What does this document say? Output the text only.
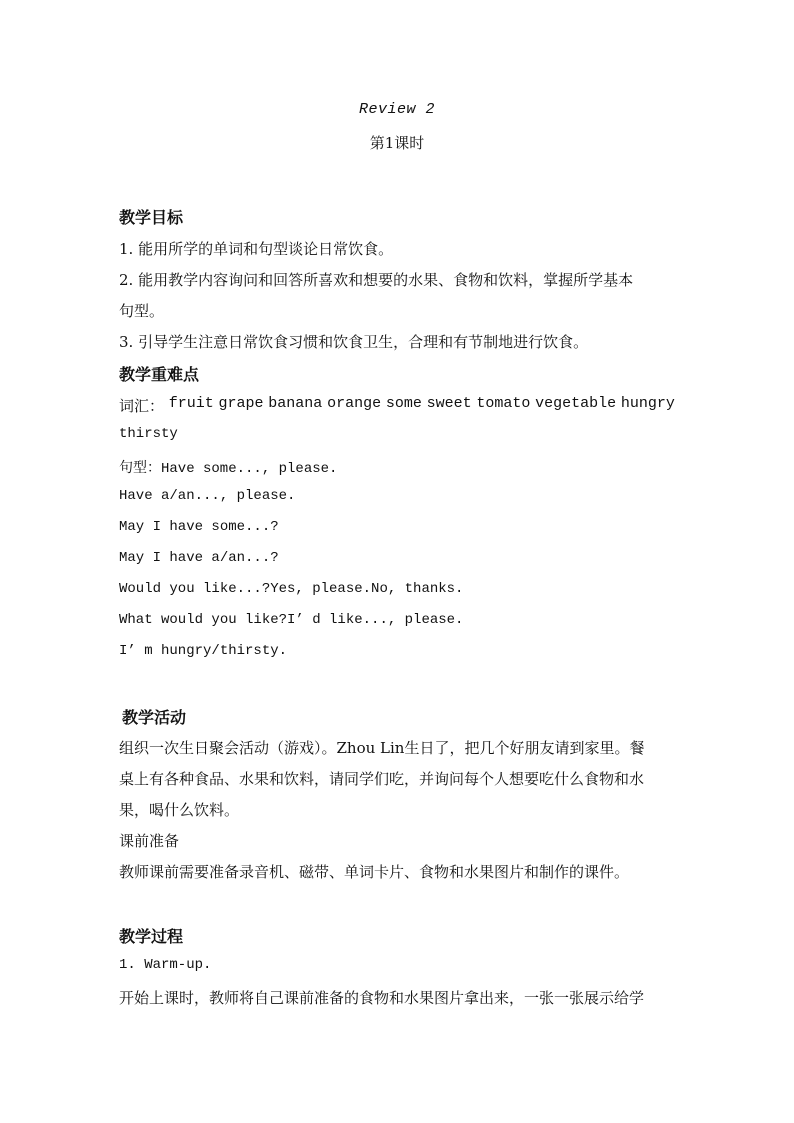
Review 2
第1课时
教学目标
1. 能用所学的单词和句型谈论日常饮食。
2. 能用教学内容询问和回答所喜欢和想要的水果、食物和饮料，掌握所学基本
句型。
3. 引导学生注意日常饮食习惯和饮食卫生，合理和有节制地进行饮食。
教学重难点
词汇： fruit grape banana orange some sweet tomato vegetable hungry
thirsty
句型：Have some..., please.
Have a/an..., please.
May I have some...?
May I have a/an...?
Would you like...?Yes, please.No, thanks.
What would you like?I’ d like..., please.
I’ m hungry/thirsty.
教学活动
组织一次生日聚会活动（游戏）。Zhou Lin生日了，把几个好朋友请到家里。餐
桌上有各种食品、水果和饮料，请同学们吃，并询问每个人想要吃什么食物和水
果，喝什么饮料。
课前准备
教师课前需要准备录音机、磁带、单词卡片、食物和水果图片和制作的课件。
教学过程
1. Warm-up.
开始上课时，教师将自己课前准备的食物和水果图片拿出来，一张一张展示给学
